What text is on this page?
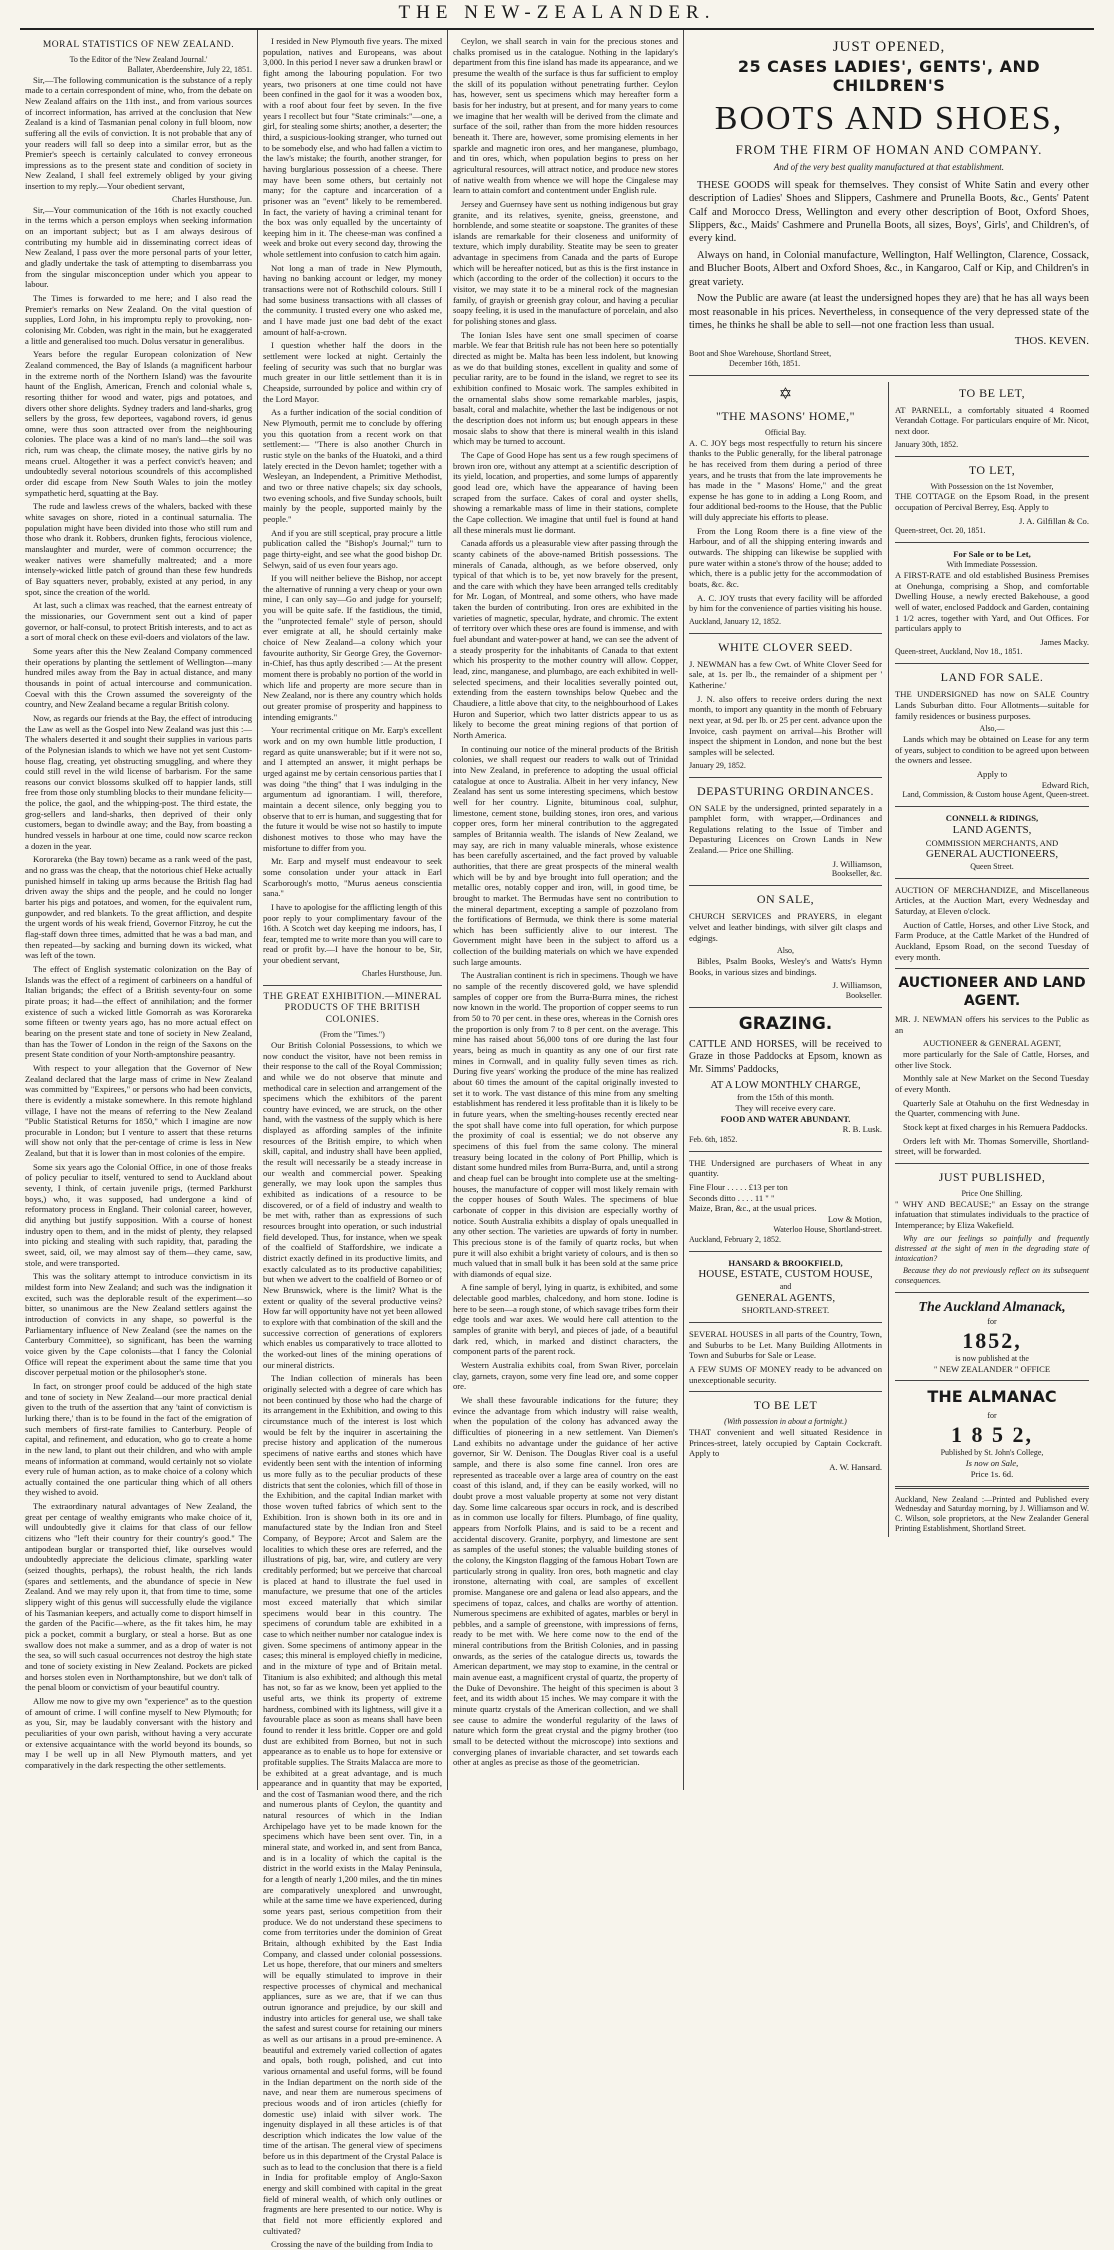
THE NEW-ZEALANDER.
MORAL STATISTICS OF NEW ZEALAND.
To the Editor of the 'New Zealand Journal.'
Ballater, Aberdeenshire, July 22, 1851.

Sir,—The following communication is the substance of a reply made to a certain correspondent of mine, who, from the debate on New Zealand affairs on the 11th inst., and from various sources of incorrect information, has arrived at the conclusion that New Zealand is a kind of Tasmanian penal colony in full bloom, now suffering all the evils of conviction. It is not probable that any of your readers will fall so deep into a similar error, but as the Premier's speech is certainly calculated to convey erroneous impressions as to the present state and condition of society in New Zealand, I shall feel extremely obliged by your giving insertion to my reply.—Your obedient servant,

Charles Hursthouse, Jun.

Sir,—Your communication of the 16th is not exactly couched in the terms which a person employs when seeking information on an important subject; but as I am always desirous of contributing my humble aid in disseminating correct ideas of New Zealand, I pass over the more personal parts of your letter, and gladly undertake the task of attempting to disembarrass you from the singular misconception under which you appear to labour.

The Times is forwarded to me here; and I also read the Premier's remarks on New Zealand. On the vital question of supplies, Lord John, in his impromptu reply to provoking, non-colonising Mr. Cobden, was right in the main, but he exaggerated a little and generalised too much. Dolus versatur in generalibus.

Years before the regular European colonization of New Zealand commenced, the Bay of Islands (a magnificent harbour in the extreme north of the Northern Island) was the favourite haunt of the English, American, French and colonial whale s, resorting thither for wood and water, pigs and potatoes, and divers other shore delights. Sydney traders and land-sharks, grog sellers by the gross, few deportees, vagabond rovers, id genus omne, were thus soon attracted over from the neighbouring colonies. The place was a kind of no man's land—the soil was rich, rum was cheap, the climate mosey, the native girls by no means cruel. Altogether it was a perfect convict's heaven; and undoubtedly several notorious scoundrels of this accomplished order did escape from New South Wales to join the motley sympathetic herd, squatting at the Bay.

The rude and lawless crews of the whalers, backed with these white savages on shore, rioted in a continual saturnalia. The population might have been divided into those who still rum and those who drank it. Robbers, drunken fights, ferocious violence, manslaughter and murder, were of common occurrence; the weaker natives were shamefully maltreated; and a more intensely-wicked little patch of ground than these few hundreds of Bay squatters never, probably, existed at any period, in any spot, since the creation of the world.

At last, such a climax was reached, that the earnest entreaty of the missionaries, our Government sent out a kind of paper governor, or half-consul, to protect British interests, and to act as a sort of moral check on these evil-doers and violators of the law.

Some years after this the New Zealand Company commenced their operations by planting the settlement of Wellington—many hundred miles away from the Bay in actual distance, and many thousands in point of actual intercourse and communication. Coeval with this the Crown assumed the sovereignty of the country, and New Zealand became a regular British colony.

Now, as regards our friends at the Bay, the effect of introducing the Law as well as the Gospel into New Zealand was just this :—The whalers deserted it and sought their supplies in various parts of the Polynesian islands to which we have not yet sent Custom-house flag, creating, yet obstructing smuggling, and where they could still revel in the wild license of barbarism. For the same reasons our convict blossoms skulked off to happier lands, still free from those only stumbling blocks to their mundane felicity—the police, the gaol, and the whipping-post. The third estate, the grog-sellers and land-sharks, then deprived of their only customers, began to dwindle away; and the Bay, from boasting a hundred vessels in harbour at one time, could now scarce reckon a dozen in the year.

Kororareka (the Bay town) became as a rank weed of the past, and no grass was the cheap, that the notorious chief Heke actually punished himself in taking up arms because the British flag had driven away the ships and the people, and he could no longer barter his pigs and potatoes, and women, for the equivalent rum, gunpowder, and red blankets. To the great affliction, and despite the urgent words of his weak friend, Governor Fitzroy, he cut the flag-staff down three times, admitted that he was a bad man, and then repeated—by sacking and burning down its wicked, what was left of the town.

The effect of English systematic colonization on the Bay of Islands was the effect of a regiment of carbineers on a handful of Italian brigands; the effect of a British seventy-four on some pirate proas; it had—the effect of annihilation; and the former existence of such a wicked little Gomorrah as was Kororareka some fifteen or twenty years ago, has no more actual effect on bearing on the present state and tone of society in New Zealand, than has the Tower of London in the reign of the Saxons on the present State condition of your North-amptonshire peasantry.

With respect to your allegation that the Governor of New Zealand declared that the large mass of crime in New Zealand was committed by "Expirees," or persons who had been convicts, there is evidently a mistake somewhere. In this remote highland village, I have not the means of referring to the New Zealand "Public Statistical Returns for 1850," which I imagine are now procurable in London; but I venture to assert that these returns will show not only that the per-centage of crime is less in New Zealand, but that it is lower than in most colonies of the empire.

Some six years ago the Colonial Office, in one of those freaks of policy peculiar to itself, ventured to send to Auckland about seventy, I think, of certain juvenile prigs, (termed Parkhurst boys,) who, it was supposed, had undergone a kind of reformatory process in England. Their colonial career, however, did anything but justify supposition. With a course of honest industry open to them, and in the midst of plenty, they relapsed into picking and stealing with such rapidity, that, parading the sweet, said, oil, we may almost say of them—they came, saw, stole, and were transported.

This was the solitary attempt to introduce convictism in its mildest form into New Zealand; and such was the indignation it excited, such was the deplorable result of the experiment—so bitter, so unanimous are the New Zealand settlers against the introduction of convicts in any shape, so powerful is the Parliamentary influence of New Zealand (see the names on the Canterbury Committee), so significant, has been the warning voice given by the Cape colonists—that I fancy the Colonial Office will repeat the experiment about the same time that you discover perpetual motion or the philosopher's stone.

In fact, on stronger proof could be adduced of the high state and tone of society in New Zealand—our more practical denial given to the truth of the assertion that any 'taint of convictism is lurking there,' than is to be found in the fact of the emigration of such members of first-rate families to Canterbury. People of capital, and refinement, and education, who go to create a home in the new land, to plant out their children, and who with ample means of information at command, would certainly not so violate every rule of human action, as to make choice of a colony which actually contained the one particular thing which of all others they wished to avoid.

The extraordinary natural advantages of New Zealand, the great per centage of wealthy emigrants who make choice of it, will undoubtedly give it claims for that class of our fellow citizens who "left their country for their country's good." The antipodean burglar or transported thief, like ourselves would undoubtedly appreciate the delicious climate, sparkling water (seized thoughts, perhaps), the robust health, the rich lands (spares and settlements, and the abundance of specie in New Zealand. And we may rely upon it, that from time to time, some slippery wight of this genus will successfully elude the vigilance of his Tasmanian keepers, and actually come to disport himself in the garden of the Pacific—where, as the fit takes him, he may pick a pocket, commit a burglary, or steal a horse. But as one swallow does not make a summer, and as a drop of water is not the sea, so will such casual occurrences not destroy the high state and tone of society existing in New Zealand. Pockets are picked and horses stolen even in Northamptonshire, but we don't talk of the penal bloom or convictism of your beautiful country.

Allow me now to give my own "experience" as to the question of amount of crime. I will confine myself to New Plymouth; for as you, Sir, may be laudably conversant with the history and peculiarities of your own parish, without having a very accurate or extensive acquaintance with the world beyond its bounds, so may I be well up in all New Plymouth matters, and yet comparatively in the dark respecting the other settlements.

I resided in New Plymouth five years. The mixed population, natives and Europeans, was about 3,000. In this period I never saw a drunken brawl or fight among the labouring population. For two years, two prisoners at one time could not have been confined in the gaol for it was a wooden box, with a roof about four feet by seven. In the five years I recollect but four "State criminals:"—one, a girl, for stealing some shirts; another, a deserter; the third, a suspicious-looking stranger, who turned out to be somebody else, and who had fallen a victim to the law's mistake; the fourth, another stranger, for having burglarious possession of a cheese. There may have been some others, but certainly not many; for the capture and incarceration of a prisoner was an "event" likely to be remembered. In fact, the variety of having a criminal tenant for the box was only equalled by the uncertainty of keeping him in it. The cheese-man was confined a week and broke out every second day, throwing the whole settlement into confusion to catch him again.

Not long a man of trade in New Plymouth, having no banking account or ledger, my money transactions were not of Rothschild colours. Still I had some business transactions with all classes of the community. I trusted every one who asked me, and I have made just one bad debt of the exact amount of half-a-crown.

I question whether half the doors in the settlement were locked at night. Certainly the feeling of security was such that no burglar was much greater in our little settlement than it is in Cheapside, surrounded by police and within cry of the Lord Mayor.

As a further indication of the social condition of New Plymouth, permit me to conclude by offering you this quotation from a recent work on that settlement:— "There is also another Church in rustic style on the banks of the Huatoki, and a third lately erected in the Devon hamlet; together with a Wesleyan, an Independent, a Primitive Methodist, and two or three native chapels; six day schools, two evening schools, and five Sunday schools, built mainly by the people, supported mainly by the people."

And if you are still sceptical, pray procure a little publication called the "Bishop's Journal;" turn to page thirty-eight, and see what the good bishop Dr. Selwyn, said of us even four years ago.

If you will neither believe the Bishop, nor accept the alternative of running a very cheap or your own mine, I can only say—Go and judge for yourself; you will be quite safe. If the fastidious, the timid, the "unprotected female" style of person, should ever emigrate at all, he should certainly make choice of New Zealand—a colony which your favourite authority, Sir George Grey, the Governor-in-Chief, has thus aptly described :— At the present moment there is probably no portion of the world in which life and property are more secure than in New Zealand, nor is there any country which holds out greater promise of prosperity and happiness to intending emigrants."

Your recrimental critique on Mr. Earp's excellent work and on my own humble little production, I regard as quite unanswerable; but if it were not so, and I attempted an answer, it might perhaps be urged against me by certain censorious parties that I was doing "the thing" that I was indulging in the argumentum ad ignorantiam. I will, therefore, maintain a decent silence, only begging you to observe that to err is human, and suggesting that for the future it would be wise not so hastily to impute dishonest motives to those who may have the misfortune to differ from you.

Mr. Earp and myself must endeavour to seek some consolation under your attack in Earl Scarborough's motto, "Murus aeneus conscientia sana."

I have to apologise for the afflicting length of this poor reply to your complimentary favour of the 16th. A Scotch wet day keeping me indoors, has, I fear, tempted me to write more than you will care to read or profit by.—I have the honour to be, Sir, your obedient servant,

Charles Hursthouse, Jun.
THE GREAT EXHIBITION.—MINERAL PRODUCTS OF THE BRITISH COLONIES.
(From the "Times.")

Our British Colonial Possessions, to which we now conduct the visitor, have not been remiss in their response to the call of the Royal Commission; and while we do not observe that minute and methodical care in selection and arrangement of the specimens which the exhibitors of the parent country have evinced, we are struck, on the other hand, with the vastness of the supply which is here displayed as affording samples of the infinite resources of the British empire, to which when skill, capital, and industry shall have been applied, the result will necessarily be a steady increase in our wealth and commercial power. Speaking generally, we may look upon the samples thus exhibited as indications of a resource to be discovered, or of a field of industry and wealth to be met with, rather than as expressions of such resources brought into operation, or such industrial field developed. Thus, for instance, when we speak of the coalfield of Staffordshire, we indicate a district exactly defined in its productive limits, and exactly calculated as to its productive capabilities; but when we advert to the coalfield of Borneo or of New Brunswick, where is the limit? What is the extent or quality of the several productive veins? How far will opportunity have not yet been allowed to explore with that combination of the skill and the successive correction of generations of explorers which enables us comparatively to trace allotted to the worked-out lines of the mining operations of our mineral districts.

The Indian collection of minerals has been originally selected with a degree of care which has not been continued by those who had the charge of its arrangement in the Exhibition, and owing to this circumstance much of the interest is lost which would be felt by the inquirer in ascertaining the precise history and application of the numerous specimens of native earths and stones which have evidently been sent with the intention of informing us more fully as to the peculiar products of these districts that sent the colonies, which fill of those in the Exhibition, and the capital Indian market with those woven tufted fabrics of which sent to the Exhibition. Iron is shown both in its ore and in manufactured state by the Indian Iron and Steel Company, of Beypore; Arcot and Salem are the localities to which these ores are referred, and the illustrations of pig, bar, wire, and cutlery are very creditably performed; but we perceive that charcoal is placed at hand to illustrate the fuel used in manufacture, we presume that one of the articles most exceed materially that which similar specimens would bear in this country. The specimens of corundum table are exhibited in a case to which neither number nor catalogue index is given. Some specimens of antimony appear in the cases; this mineral is employed chiefly in medicine, and in the mixture of type and of Britain metal. Titanium is also exhibited; and although this metal has not, so far as we know, been yet applied to the useful arts, we think its property of extreme hardness, combined with its lightness, will give it a favourable place as soon as means shall have been found to render it less brittle. Copper ore and gold dust are exhibited from Borneo, but not in such appearance as to enable us to hope for extensive or profitable supplies. The Straits Malacca are more to be exhibited at a great advantage, and is much appearance and in quantity that may be exported, and the cost of Tasmanian wood there, and the rich and numerous plants of Ceylon, the quantity and natural resources of which in the Indian Archipelago have yet to be made known for the specimens which have been sent over. Tin, in a mineral state, and worked in, and sent from Banca, and is in a locality of which the capital is the district in the world exists in the Malay Peninsula, for a length of nearly 1,200 miles, and the tin mines are comparatively unexplored and unwrought, while at the same time we have experienced, during some years past, serious competition from their produce. We do not understand these specimens to come from territories under the dominion of Great Britain, although exhibited by the East India Company, and classed under colonial possessions. Let us hope, therefore, that our miners and smelters will be equally stimulated to improve in their respective processes of chymical and mechanical appliances, sure as we are, that if we can thus outrun ignorance and prejudice, by our skill and industry into articles for general use, we shall take the safest and surest course for retaining our miners as well as our artisans in a proud pre-eminence. A beautiful and extremely varied collection of agates and opals, both rough, polished, and cut into various ornamental and useful forms, will be found in the Indian department on the north side of the nave, and near them are numerous specimens of precious woods and of iron articles (chiefly for domestic use) inlaid with silver work. The ingenuity displayed in all these articles is of that description which indicates the low value of the time of the artisan. The general view of specimens before us in this department of the Crystal Palace is such as to lead to the conclusion that there is a field in India for profitable employ of Anglo-Saxon energy and skill combined with capital in the great field of mineral wealth, of which only outlines or fragments are here presented to our notice. Why is that field not more efficiently explored and cultivated?

Crossing the nave of the building from India to

Ceylon, we shall search in vain for the precious stones and chalks promised us in the catalogue. Nothing in the lapidary's department from this fine island has made its appearance, and we presume the wealth of the surface is thus far sufficient to employ the skill of its population without penetrating further. Ceylon has, however, sent us specimens which may hereafter form a basis for her industry, but at present, and for many years to come we imagine that her wealth will be derived from the climate and surface of the soil, rather than from the more hidden resources beneath it. There are, however, some promising elements in her sparkle and magnetic iron ores, and her manganese, plumbago, and tin ores, which, when population begins to press on her agricultural resources, will attract notice, and produce new stores of native wealth from whence we will hope the Cingalese may learn to attain comfort and contentment under English rule.

Jersey and Guernsey have sent us nothing indigenous but gray granite, and its relatives, syenite, gneiss, greenstone, and hornblende, and some steatite or soapstone. The granites of these islands are remarkable for their closeness and uniformity of texture, which imply durability. Steatite may be seen to greater advantage in specimens from Canada and the parts of Europe which will be hereafter noticed, but as this is the first instance in which (according to the order of the collection) it occurs to the visitor, we may state it to be a mineral rock of the magnesian family, of grayish or greenish gray colour, and having a peculiar soapy feeling, it is used in the manufacture of porcelain, and also for polishing stones and glass.

The Ionian Isles have sent one small specimen of coarse marble. We fear that British rule has not been here so potentially directed as might be. Malta has been less indolent, but knowing as we do that building stones, excellent in quality and some of peculiar rarity, are to be found in the island, we regret to see its exhibition confined to Mosaic work. The samples exhibited in the ornamental slabs show some remarkable marbles, jaspis, basalt, coral and malachite, whether the last be indigenous or not the description does not inform us; but enough appears in these mosaic slabs to show that there is mineral wealth in this island which may be turned to account.

The Cape of Good Hope has sent us a few rough specimens of brown iron ore, without any attempt at a scientific description of its yield, location, and properties, and some lumps of apparently good lead ore, which have the appearance of having been scraped from the surface. Cakes of coral and oyster shells, showing a remarkable mass of lime in their stations, complete the Cape collection. We imagine that until fuel is found at hand all these minerals must lie dormant.

Canada affords us a pleasurable view after passing through the scanty cabinets of the above-named British possessions. The minerals of Canada, although, as we before observed, only typical of that which is to be, yet now bravely for the present, and the care with which they have been arranged tells creditably for Mr. Logan, of Montreal, and some others, who have made taken the burden of contributing. Iron ores are exhibited in the varieties of magnetic, specular, hydrate, and chromic. The extent of territory over which these ores are found is immense, and with fuel abundant and water-power at hand, we can see the advent of a steady prosperity for the inhabitants of Canada to that extent which his prosperity to the mother country will allow. Copper, lead, zinc, manganese, and plumbago, are each exhibited in well-selected specimens, and their localities severally pointed out, extending from the eastern townships below Quebec and the Chaudiere, a little above that city, to the neighbourhood of Lakes Huron and Superior, which two latter districts appear to us as likely to become the great mining regions of that portion of North America.

In continuing our notice of the mineral products of the British colonies, we shall request our readers to walk out of Trinidad into New Zealand, in preference to adopting the usual official catalogue at once to Australia. Albeit in her very infancy, New Zealand has sent us some interesting specimens, which bestow well for her country. Lignite, bituminous coal, sulphur, limestone, cement stone, building stones, iron ores, and various copper ores, form her mineral contribution to the aggregated samples of Britannia wealth. The islands of New Zealand, we may say, are rich in many valuable minerals, whose existence has been carefully ascertained, and the fact proved by valuable authorities, that there are great prospects of the mineral wealth which will be by and bye brought into full operation; and the metallic ores, notably copper and iron, will, in good time, be brought to market. The Bermudas have sent no contribution to the mineral department, excepting a sample of pozzolano from the fortifications of Bermuda, we think there is some material which has been sufficiently alive to our interest. The Government might have been in the subject to afford us a collection of the building materials on which we have expended such large amounts.

The Australian continent is rich in specimens. Though we have no sample of the recently discovered gold, we have splendid samples of copper ore from the Burra-Burra mines, the richest now known in the world. The proportion of copper seems to run from 50 to 70 per cent. in these ores, whereas in the Cornish ores the proportion is only from 7 to 8 per cent. on the average. This mine has raised about 56,000 tons of ore during the last four years, being as much in quantity as any one of our first rate mines in Cornwall, and in quality fully seven times as rich. During five years' working the produce of the mine has realized about 60 times the amount of the capital originally invested to set it to work. The vast distance of this mine from any smelting establishment has rendered it less profitable than it is likely to be in future years, when the smelting-houses recently erected near the spot shall have come into full operation, for which purpose the proximity of coal is essential; we do not observe any specimens of this fuel from the same colony. The mineral treasury being located in the colony of Port Phillip, which is distant some hundred miles from Burra-Burra, and, until a strong and cheap fuel can be brought into complete use at the smelting-houses, the manufacture of copper will most likely remain with the copper houses of South Wales. The specimens of blue carbonate of copper in this division are especially worthy of notice. South Australia exhibits a display of opals unequalled in any other section. The varieties are upwards of forty in number. This precious stone is of the family of quartz rocks, but when pure it will also exhibit a bright variety of colours, and is then so much valued that in small bulk it has been sold at the same price with diamonds of equal size.

A fine sample of beryl, lying in quartz, is exhibited, and some delectable good marbles, chalcedony, and horn stone. Iodine is here to be seen—a rough stone, of which savage tribes form their edge tools and war axes. We would here call attention to the samples of granite with beryl, and pieces of jade, of a beautiful dark red, which, in marked and distinct characters, the component parts of the parent rock.

Western Australia exhibits coal, from Swan River, porcelain clay, garnets, crayon, some very fine lead ore, and some copper ore.

We shall these favourable indications for the future; they evince the advantage from which industry will raise wealth, when the population of the colony has advanced away the difficulties of pioneering in a new settlement. Van Diemen's Land exhibits no advantage under the guidance of her active governor, Sir W. Denison. The Douglas River coal is a useful sample, and there is also some fine cannel. Iron ores are represented as traceable over a large area of country on the east coast of this island, and, if they can be easily worked, will no doubt prove a most valuable property at some not very distant day. Some lime calcareous spar occurs in rock, and is described as in common use locally for filters. Plumbago, of fine quality, appears from Norfolk Plains, and is said to be a recent and accidental discovery. Granite, porphyry, and limestone are sent as samples of the useful stones; the valuable building stones of the colony, the Kingston flagging of the famous Hobart Town are particularly strong in quality. Iron ores, both magnetic and clay ironstone, alternating with coal, are samples of excellent promise. Manganese ore and galena or lead also appears, and the specimens of topaz, calces, and chalks are worthy of attention. Numerous specimens are exhibited of agates, marbles or beryl in pebbles, and a sample of greenstone, with impressions of ferns, ready to be met with. We here come now to the end of the mineral contributions from the British Colonies, and in passing onwards, as the series of the catalogue directs us, towards the American department, we may stop to examine, in the central or main avenue east, a magnificent crystal of quartz, the property of the Duke of Devonshire. The height of this specimen is about 3 feet, and its width about 15 inches. We may compare it with the minute quartz crystals of the American collection, and we shall see cause to admire the wonderful regularity of the laws of nature which form the great crystal and the pigmy brother (too small to be detected without the microscope) into sextions and converging planes of invariable character, and set towards each other at angles as precise as those of the geometrician.

JUST OPENED,
25 CASES LADIES', GENTS', AND CHILDREN'S
BOOTS AND SHOES,
FROM THE FIRM OF HOMAN AND COMPANY.
And of the very best quality manufactured at that establishment.

THESE GOODS will speak for themselves. They consist of White Satin and every other description of Ladies' Shoes and Slippers, Cashmere and Prunella Boots, &c., Gents' Patent Calf and Morocco Dress, Wellington and every other description of Boot, Oxford Shoes, Slippers, &c., Maids' Cashmere and Prunella Boots, all sizes, Boys', Girls', and Children's, of every kind.

Always on hand, in Colonial manufacture, Wellington, Half Wellington, Clarence, Cossack, and Blucher Boots, Albert and Oxford Shoes, &c., in Kangaroo, Calf or Kip, and Children's in great variety.

Now the Public are aware (at least the undersigned hopes they are) that he has all ways been most reasonable in his prices. Nevertheless, in consequence of the very depressed state of the times, he thinks he shall be able to sell—not one fraction less than usual.

THOS. KEVEN.
Boot and Shoe Warehouse, Shortland Street,
December 16th, 1851.
✡
"THE MASONS' HOME,"
Official Bay.

A. C. JOY begs most respectfully to return his sincere thanks to the Public generally, for the liberal patronage he has received from them during a period of three years, and he trusts that from the late improvements he has made in the " Masons' Home," and the great expense he has gone to in adding a Long Room, and four additional bed-rooms to the House, that the Public will duly appreciate his efforts to please.

From the Long Room there is a fine view of the Harbour, and of all the shipping entering inwards and outwards. The shipping can likewise be supplied with pure water within a stone's throw of the house; added to which, there is a public jetty for the accommodation of boats, &c. &c.

A. C. JOY trusts that every facility will be afforded by him for the convenience of parties visiting his house.

Auckland, January 12, 1852.
WHITE CLOVER SEED.

J. NEWMAN has a few Cwt. of White Clover Seed for sale, at 1s. per lb., the remainder of a shipment per ' Katherine.'

J. N. also offers to receive orders during the next month, to import any quantity in the month of February next year, at 9d. per lb. or 25 per cent. advance upon the Invoice, cash payment on arrival—his Brother will inspect the shipment in London, and none but the best samples will be selected.

January 29, 1852.
DEPASTURING ORDINANCES.

ON SALE by the undersigned, printed separately in a pamphlet form, with wrapper,—Ordinances and Regulations relating to the Issue of Timber and Depasturing Licences on Crown Lands in New Zealand.— Price one Shilling.

J. Williamson,
Bookseller, &c.
ON SALE,

CHURCH SERVICES and PRAYERS, in elegant velvet and leather bindings, with silver gilt clasps and edgings.

Also,

Bibles, Psalm Books, Wesley's and Watts's Hymn Books, in various sizes and bindings.

J. Williamson,
Bookseller.
GRAZING.

CATTLE AND HORSES, will be received to Graze in those Paddocks at Epsom, known as Mr. Simms' Paddocks,

AT A LOW MONTHLY CHARGE,
from the 15th of this month.
They will receive every care.
FOOD AND WATER ABUNDANT.
R. B. Lusk.
Feb. 6th, 1852.

THE Undersigned are purchasers of Wheat in any quantity.

Fine Flour . . . . . £13 per ton
Seconds ditto . . . . 11 " "
Maize, Bran, &c., at the usual prices.
Low & Motion,
Waterloo House, Shortland-street.
Auckland, February 2, 1852.
HANSARD & BROOKFIELD,
HOUSE, ESTATE, CUSTOM HOUSE,
and
GENERAL AGENTS,
SHORTLAND-STREET.

SEVERAL HOUSES in all parts of the Country, Town, and Suburbs to be Let. Many Building Allotments in Town and Suburbs for Sale or Lease.

A FEW SUMS OF MONEY ready to be advanced on unexceptionable security.

TO BE LET
(With possession in about a fortnight.)

THAT convenient and well situated Residence in Princes-street, lately occupied by Captain Cockcraft. Apply to

A. W. Hansard.
TO BE LET,

AT PARNELL, a comfortably situated 4 Roomed Verandah Cottage. For particulars enquire of Mr. Nicot, next door.

January 30th, 1852.
TO LET,
With Possession on the 1st November,

THE COTTAGE on the Epsom Road, in the present occupation of Percival Berrey, Esq. Apply to

J. A. Gilfillan & Co.
Queen-street, Oct. 20, 1851.
For Sale or to be Let,
With Immediate Possession.

A FIRST-RATE and old established Business Premises at Onehunga, comprising a Shop, and comfortable Dwelling House, a newly erected Bakehouse, a good well of water, enclosed Paddock and Garden, containing 1 1/2 acres, together with Yard, and Out Offices. For particulars apply to

James Macky.
Queen-street, Auckland, Nov 18., 1851.
LAND FOR SALE.

THE UNDERSIGNED has now on SALE Country Lands Suburban ditto. Four Allotments—suitable for family residences or business purposes.

Also,—

Lands which may be obtained on Lease for any term of years, subject to condition to be agreed upon between the owners and lessee.

Apply to
Edward Rich,
Land, Commission, & Custom house Agent, Queen-street.
CONNELL & RIDINGS,
LAND AGENTS,
COMMISSION MERCHANTS, AND
GENERAL AUCTIONEERS,
Queen Street.

AUCTION OF MERCHANDIZE, and Miscellaneous Articles, at the Auction Mart, every Wednesday and Saturday, at Eleven o'clock.

Auction of Cattle, Horses, and other Live Stock, and Farm Produce, at the Cattle Market of the Hundred of Auckland, Epsom Road, on the second Tuesday of every month.

AUCTIONEER AND LAND AGENT.

MR. J. NEWMAN offers his services to the Public as an

AUCTIONEER & GENERAL AGENT,

more particularly for the Sale of Cattle, Horses, and other live Stock.

Monthly sale at New Market on the Second Tuesday of every Month.

Quarterly Sale at Otahuhu on the first Wednesday in the Quarter, commencing with June.

Stock kept at fixed charges in his Remuera Paddocks.

Orders left with Mr. Thomas Somerville, Shortland-street, will be forwarded.

JUST PUBLISHED,
Price One Shilling.

" WHY AND BECAUSE;" an Essay on the strange infatuation that stimulates individuals to the practice of Intemperance; by Eliza Wakefield.

Why are our feelings so painfully and frequently distressed at the sight of men in the degrading state of intoxication?

Because they do not previously reflect on its subsequent consequences.

The Auckland Almanack,
for
1852,
is now published at the
" NEW ZEALANDER " OFFICE
THE ALMANAC
for
1 8 5 2,
Published by St. John's College,
Is now on Sale,
Price 1s. 6d.

Auckland, New Zealand :—Printed and Published every Wednesday and Saturday morning, by J. Williamson and W. C. Wilson, sole proprietors, at the New Zealander General Printing Establishment, Shortland Street.
